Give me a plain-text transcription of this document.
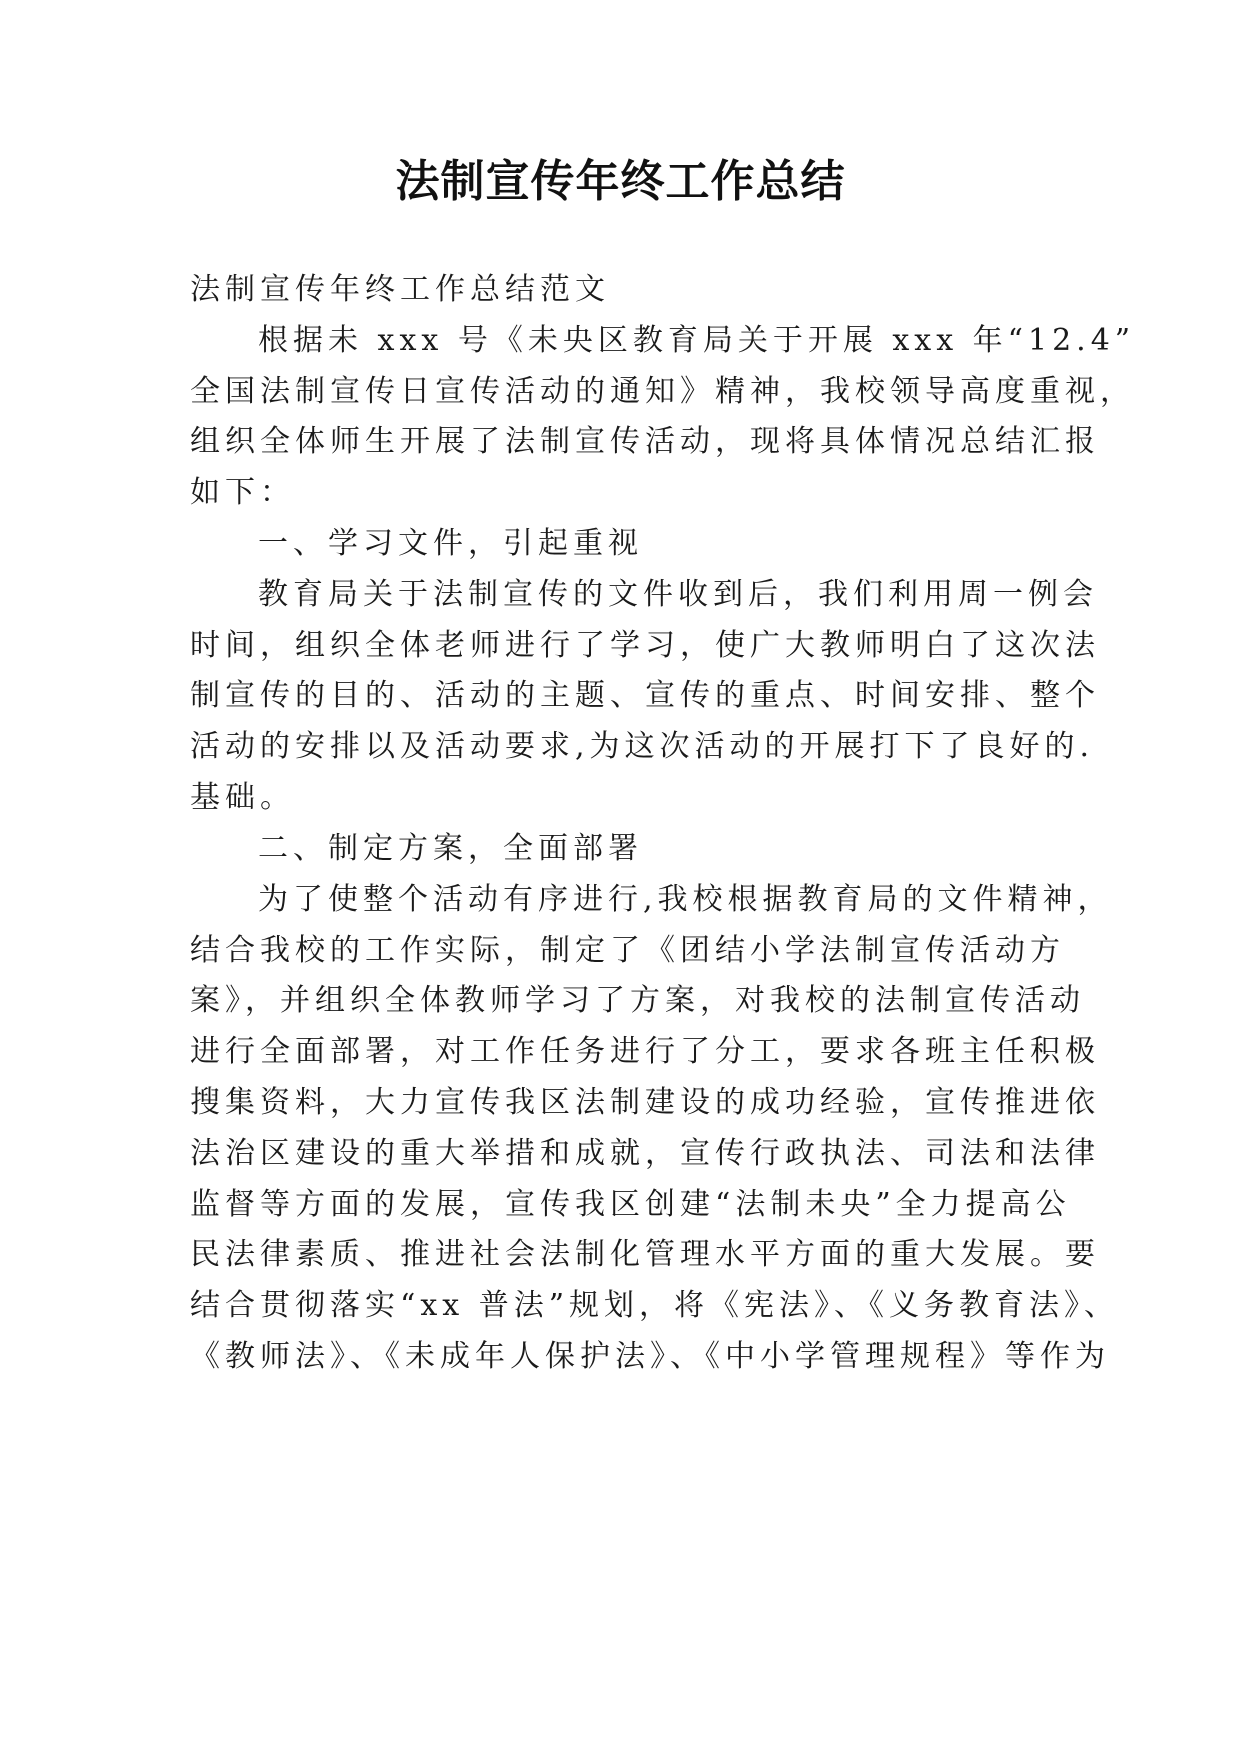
法制宣传年终工作总结
法制宣传年终工作总结范文
根据未 xxx 号《未央区教育局关于开展 xxx 年“12.4”
全国法制宣传日宣传活动的通知》精神，我校领导高度重视，
组织全体师生开展了法制宣传活动，现将具体情况总结汇报
如下：
一、学习文件，引起重视
教育局关于法制宣传的文件收到后，我们利用周一例会
时间，组织全体老师进行了学习，使广大教师明白了这次法
制宣传的目的、活动的主题、宣传的重点、时间安排、整个
活动的安排以及活动要求,为这次活动的开展打下了良好的.
基础。
二、制定方案，全面部署
为了使整个活动有序进行,我校根据教育局的文件精神，
结合我校的工作实际，制定了《团结小学法制宣传活动方
案》，并组织全体教师学习了方案，对我校的法制宣传活动
进行全面部署，对工作任务进行了分工，要求各班主任积极
搜集资料，大力宣传我区法制建设的成功经验，宣传推进依
法治区建设的重大举措和成就，宣传行政执法、司法和法律
监督等方面的发展，宣传我区创建“法制未央”全力提高公
民法律素质、推进社会法制化管理水平方面的重大发展。要
结合贯彻落实“xx 普法”规划，将《宪法》、《义务教育法》、
《教师法》、《未成年人保护法》、《中小学管理规程》等作为
